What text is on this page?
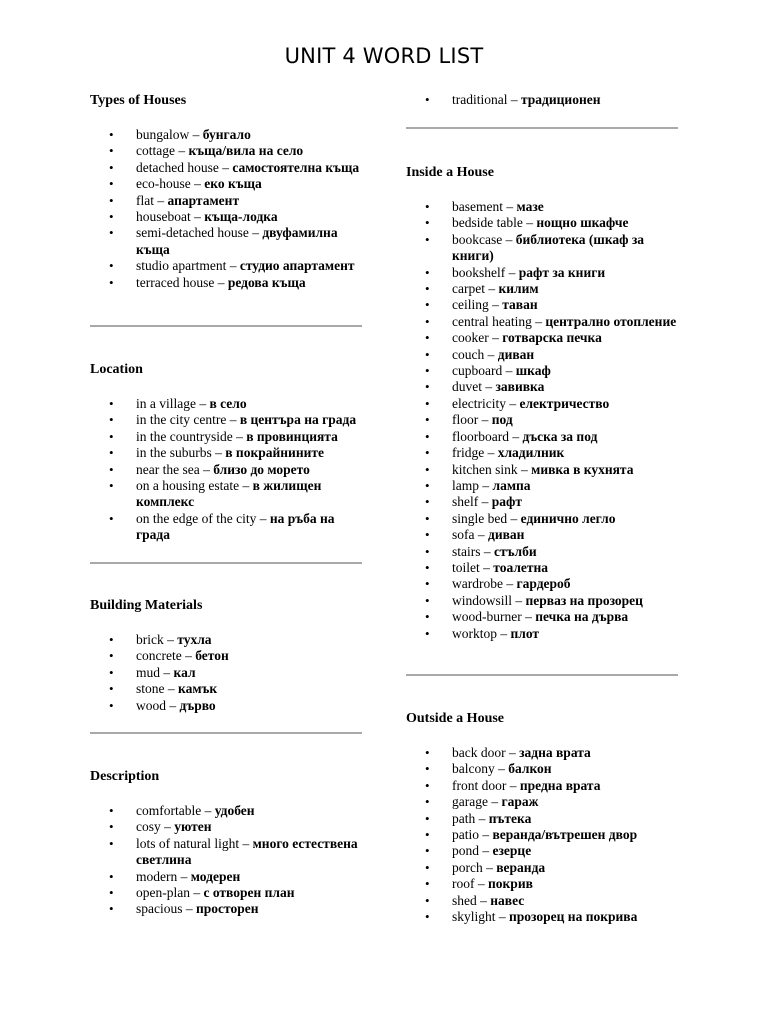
UNIT 4 WORD LIST

Types of Houses

• bungalow – бунгало
• cottage – къща/вила на село
• detached house – самостоятелна къща
• eco-house – еко къща
• flat – апартамент
• houseboat – къща-лодка
• semi-detached house – двуфамилна къща
• studio apartment – студио апартамент
• terraced house – редова къща

Location

• in a village – в село
• in the city centre – в центъра на града
• in the countryside – в провинцията
• in the suburbs – в покрайнините
• near the sea – близо до морето
• on a housing estate – в жилищен комплекс
• on the edge of the city – на ръба на града

Building Materials

• brick – тухла
• concrete – бетон
• mud – кал
• stone – камък
• wood – дърво

Description

• comfortable – удобен
• cosy – уютен
• lots of natural light – много естествена светлина
• modern – модерен
• open-plan – с отворен план
• spacious – просторен
• traditional – традиционен

Inside a House

• basement – мазе
• bedside table – нощно шкафче
• bookcase – библиотека (шкаф за книги)
• bookshelf – рафт за книги
• carpet – килим
• ceiling – таван
• central heating – централно отопление
• cooker – готварска печка
• couch – диван
• cupboard – шкаф
• duvet – завивка
• electricity – електричество
• floor – под
• floorboard – дъска за под
• fridge – хладилник
• kitchen sink – мивка в кухнята
• lamp – лампа
• shelf – рафт
• single bed – единично легло
• sofa – диван
• stairs – стълби
• toilet – тоалетна
• wardrobe – гардероб
• windowsill – перваз на прозорец
• wood-burner – печка на дърва
• worktop – плот

Outside a House

• back door – задна врата
• balcony – балкон
• front door – предна врата
• garage – гараж
• path – пътека
• patio – веранда/вътрешен двор
• pond – езерце
• porch – веранда
• roof – покрив
• shed – навес
• skylight – прозорец на покрива
